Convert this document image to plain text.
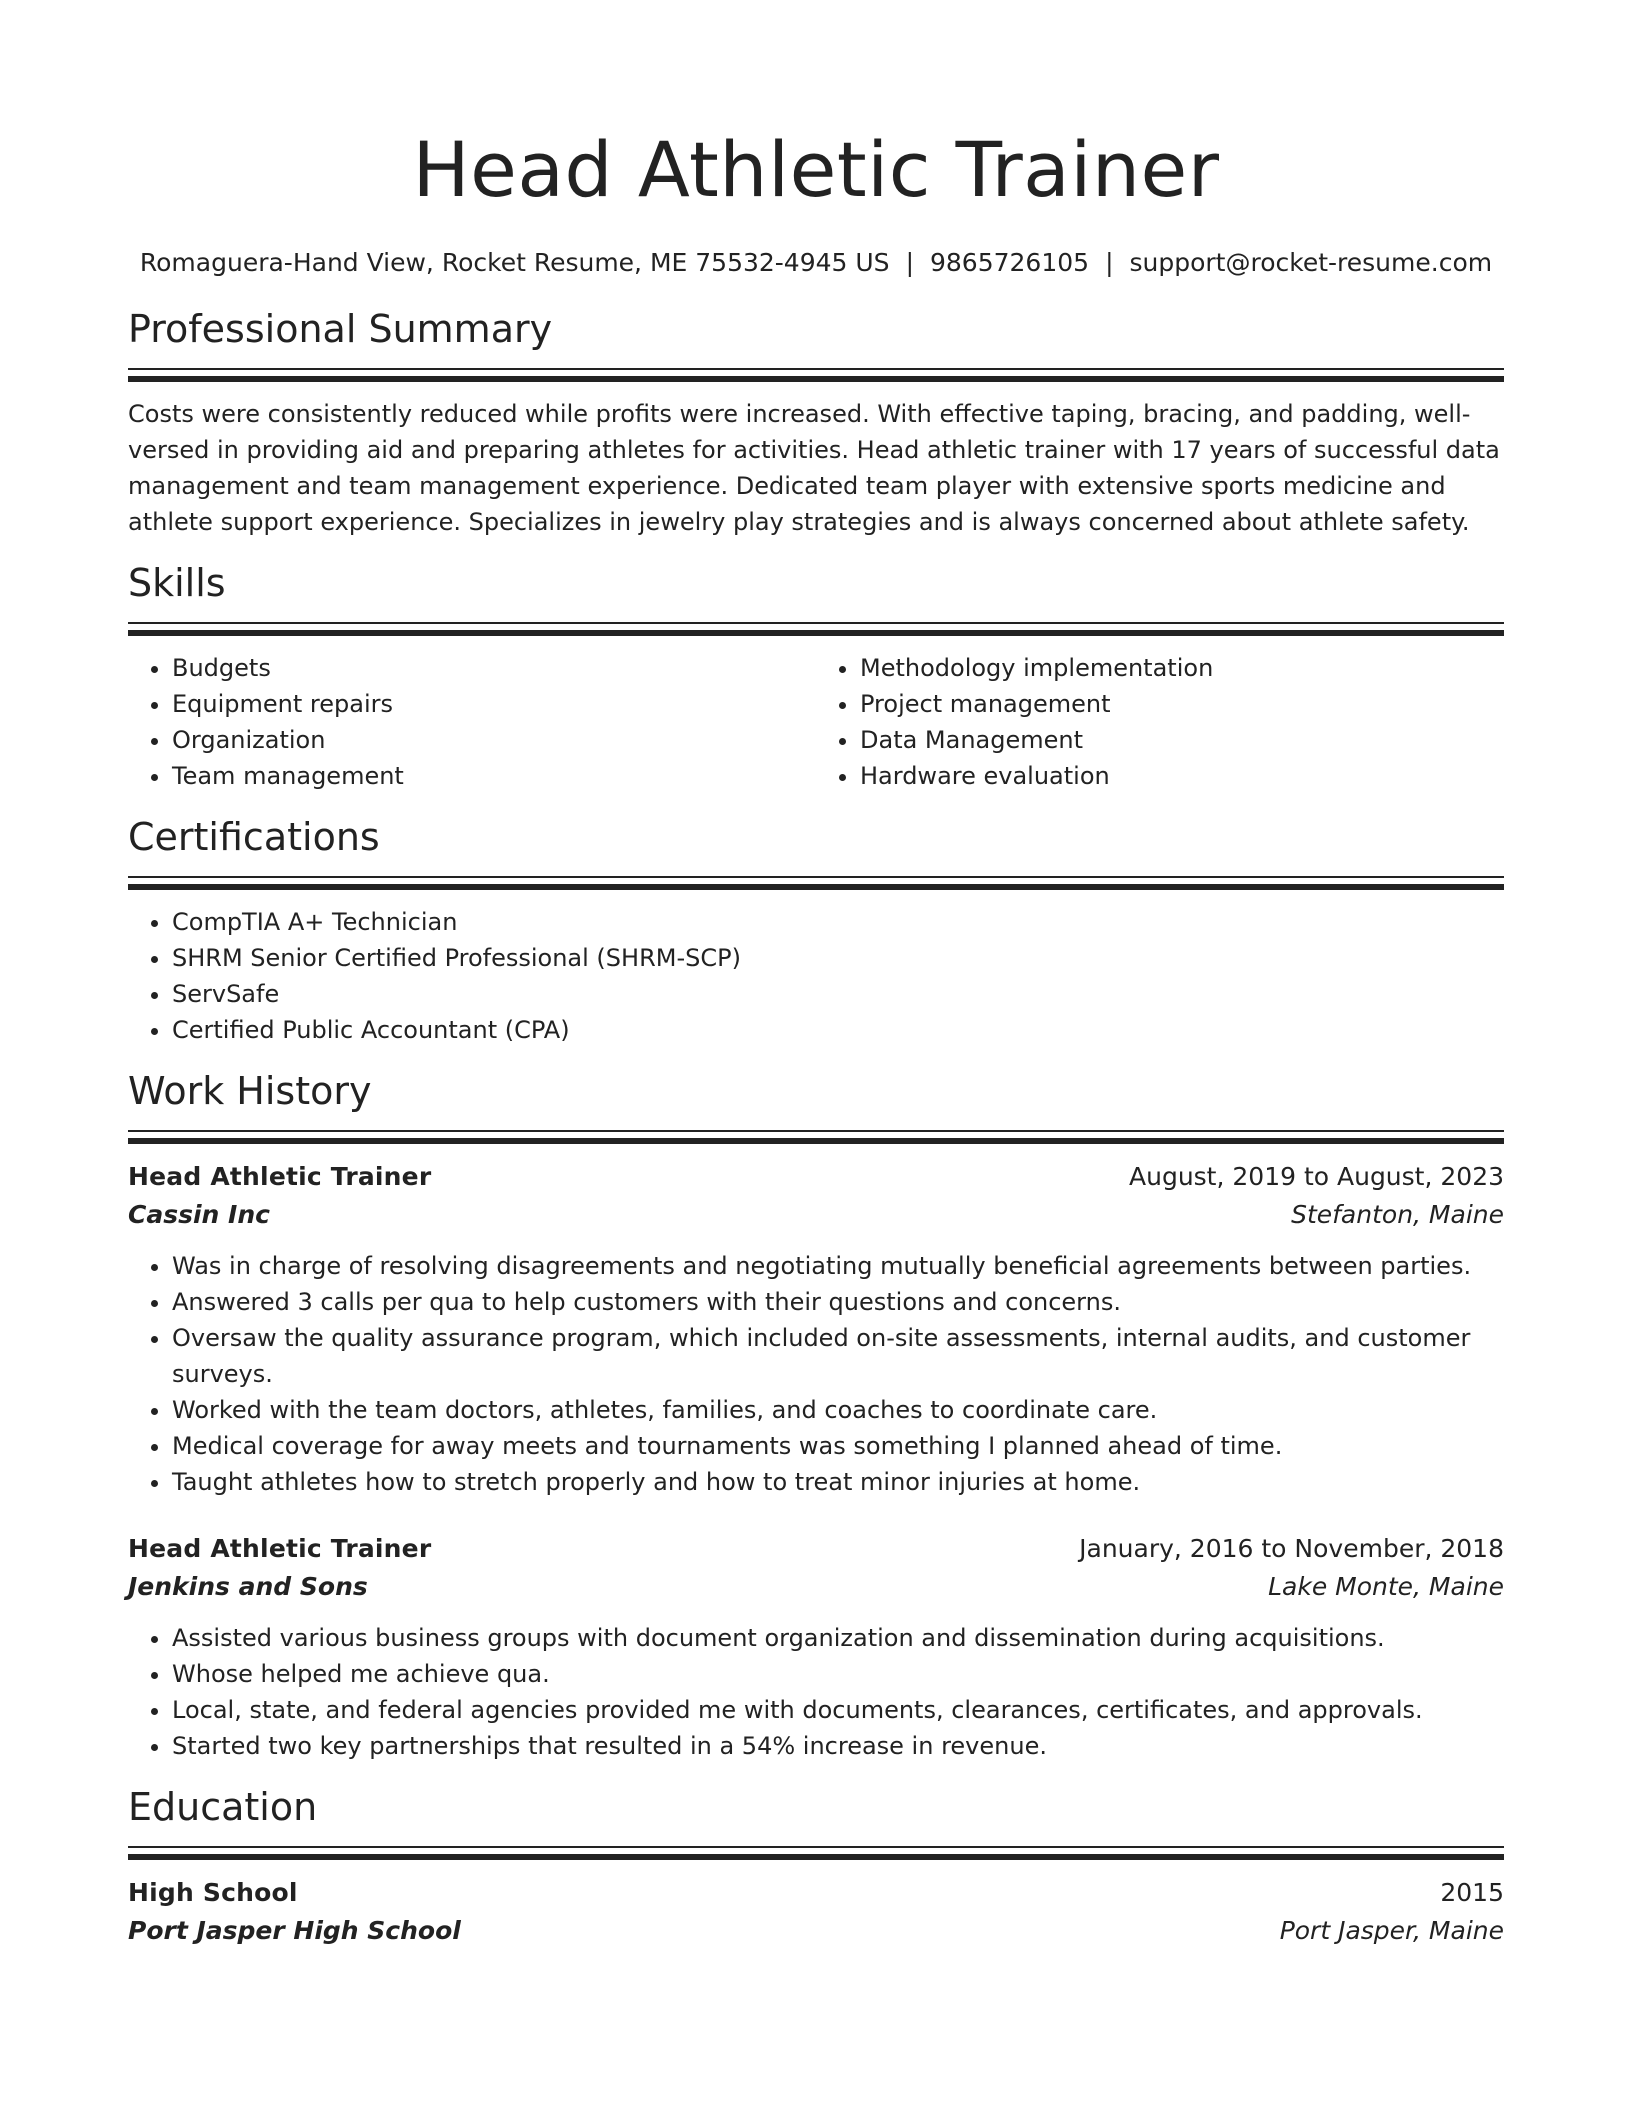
Head Athletic Trainer
Romaguera-Hand View, Rocket Resume, ME 75532-4945 US | 9865726105 | support@rocket-resume.com
Professional Summary

Costs were consistently reduced while profits were increased. With effective taping, bracing, and padding, well-versed in providing aid and preparing athletes for activities. Head athletic trainer with 17 years of successful data management and team management experience. Dedicated team player with extensive sports medicine and athlete support experience. Specializes in jewelry play strategies and is always concerned about athlete safety.

Skills
• Budgets
• Equipment repairs
• Organization
• Team management
• Methodology implementation
• Project management
• Data Management
• Hardware evaluation
Certifications
• CompTIA A+ Technician
• SHRM Senior Certified Professional (SHRM-SCP)
• ServSafe
• Certified Public Accountant (CPA)
Work History
Head Athletic Trainer	August, 2019 to August, 2023
Cassin Inc	Stefanton, Maine
• Was in charge of resolving disagreements and negotiating mutually beneficial agreements between parties.
• Answered 3 calls per qua to help customers with their questions and concerns.
• Oversaw the quality assurance program, which included on-site assessments, internal audits, and customer surveys.
• Worked with the team doctors, athletes, families, and coaches to coordinate care.
• Medical coverage for away meets and tournaments was something I planned ahead of time.
• Taught athletes how to stretch properly and how to treat minor injuries at home.
Head Athletic Trainer	January, 2016 to November, 2018
Jenkins and Sons	Lake Monte, Maine
• Assisted various business groups with document organization and dissemination during acquisitions.
• Whose helped me achieve qua.
• Local, state, and federal agencies provided me with documents, clearances, certificates, and approvals.
• Started two key partnerships that resulted in a 54% increase in revenue.
Education
High School	2015
Port Jasper High School	Port Jasper, Maine
